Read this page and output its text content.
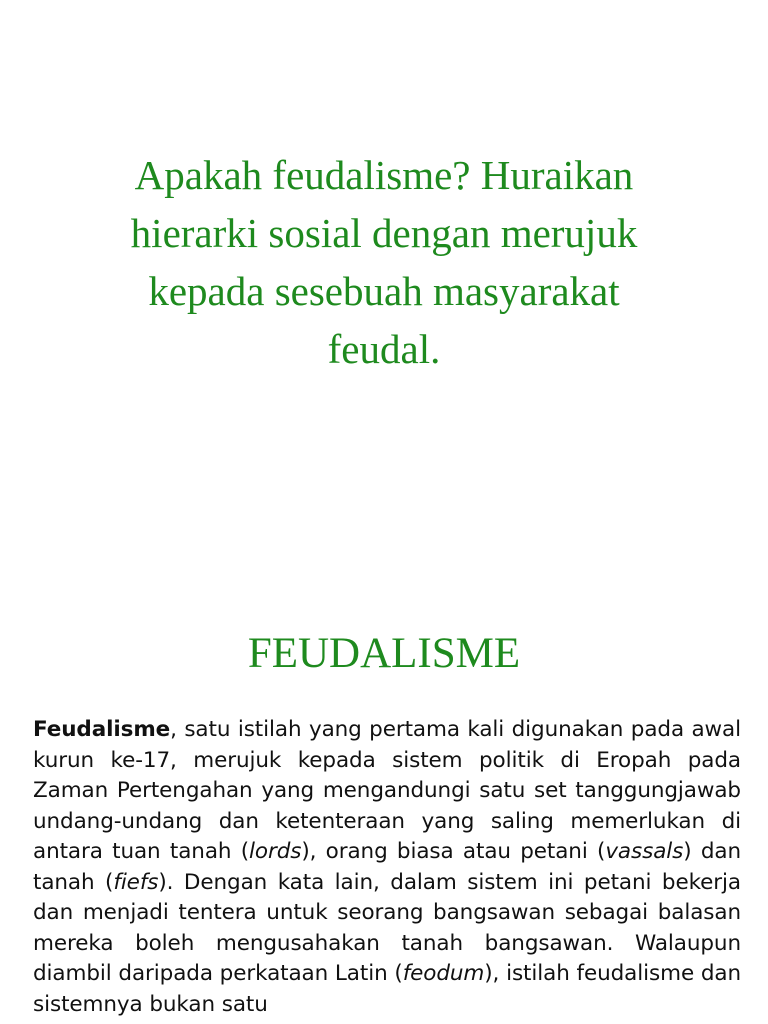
Apakah feudalisme? Huraikan
hierarki sosial dengan merujuk
kepada sesebuah masyarakat
feudal.
FEUDALISME

Feudalisme, satu istilah yang pertama kali digunakan pada awal kurun ke-17, merujuk kepada sistem politik di Eropah pada Zaman Pertengahan yang mengandungi satu set tanggungjawab undang-undang dan ketenteraan yang saling memerlukan di antara tuan tanah (lords), orang biasa atau petani (vassals) dan tanah (fiefs). Dengan kata lain, dalam sistem ini petani bekerja dan menjadi tentera untuk seorang bangsawan sebagai balasan mereka boleh mengusahakan tanah bangsawan. Walaupun diambil daripada perkataan Latin (feodum), istilah feudalisme dan sistemnya bukan satu
